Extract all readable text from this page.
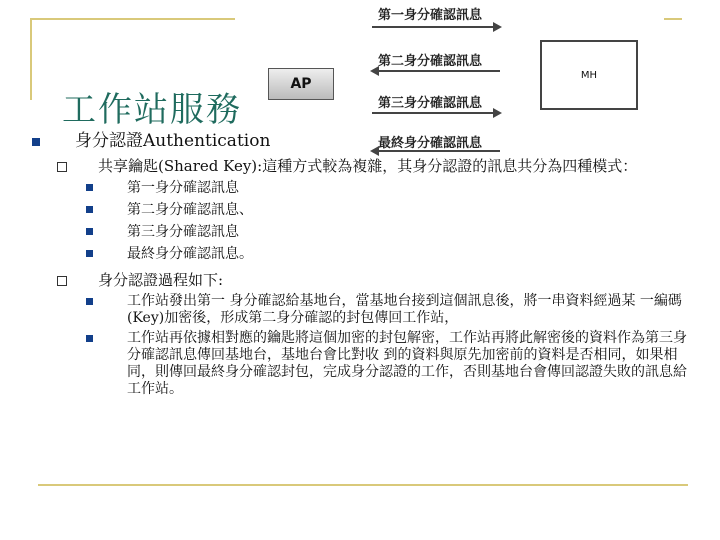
AP
MH
第一身分確認訊息
第二身分確認訊息
第三身分確認訊息
最終身分確認訊息
工作站服務
身分認證Authentication
共享鑰匙(Shared Key):這種方式較為複雜，其身分認證的訊息共分為四種模式：
第一身分確認訊息
第二身分確認訊息、
第三身分確認訊息
最終身分確認訊息。
身分認證過程如下:
工作站發出第一 身分確認給基地台，當基地台接到這個訊息後，將一串資料經過某 一編碼(Key)加密後，形成第二身分確認的封包傳回工作站，
工作站再依據相對應的鑰匙將這個加密的封包解密，工作站再將此解密後的資料作為第三身分確認訊息傳回基地台，基地台會比對收 到的資料與原先加密前的資料是否相同，如果相同，則傳回最終身分確認封包，完成身分認證的工作，否則基地台會傳回認證失敗的訊息給工作站。
